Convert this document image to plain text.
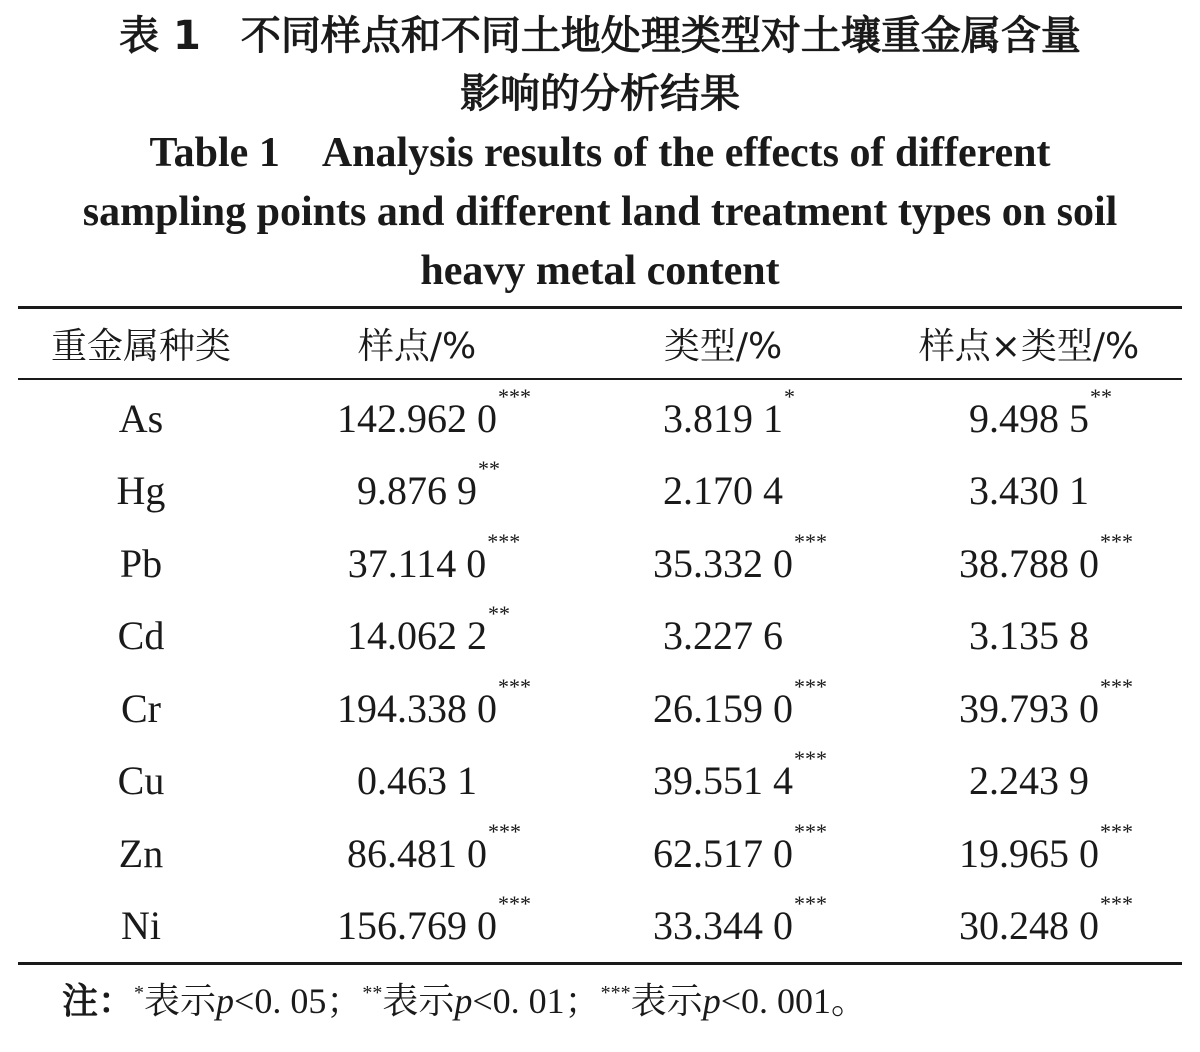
表 1　不同样点和不同土地处理类型对土壤重金属含量
影响的分析结果
Table 1　Analysis results of the effects of different
sampling points and different land treatment types on soil
heavy metal content
重金属种类	样点/%	类型/%	样点×类型/%
As	142.962 0 ***	3.819 1 *	9.498 5 **

Hg	9.876 9 **	2.170 4	3.430 1

Pb	37.114 0 ***	35.332 0 ***	38.788 0 ***

Cd	14.062 2 **	3.227 6	3.135 8

Cr	194.338 0 ***	26.159 0 ***	39.793 0 ***

Cu	0.463 1	39.551 4 ***	2.243 9

Zn	86.481 0 ***	62.517 0 ***	19.965 0 ***

Ni	156.769 0 ***	33.344 0 ***	30.248 0 ***
注：*表示p<0. 05；**表示p<0. 01；***表示p<0. 001。
